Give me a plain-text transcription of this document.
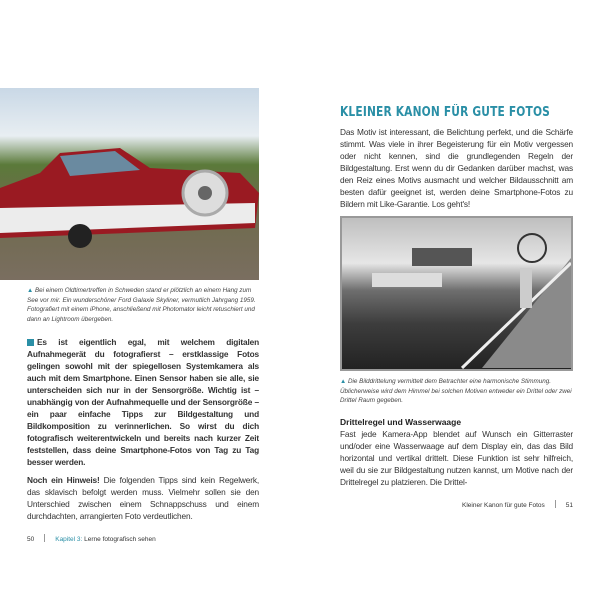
▲ Bei einem Oldtimertreffen in Schweden stand er plötzlich an einem Hang zum See vor mir. Ein wunderschöner Ford Galaxie Skyliner, vermutlich Jahrgang 1959. Fotografiert mit einem iPhone, anschließend mit Photomator leicht retuschiert und dann an Lightroom übergeben.
Es ist eigentlich egal, mit welchem digitalen Aufnahmegerät du fotografierst – erstklassige Fotos gelingen sowohl mit der spiegellosen Systemkamera als auch mit dem Smartphone. Einen Sensor haben sie alle, sie unterscheiden sich nur in der Sensorgröße. Wichtig ist – unabhängig von der Aufnahmequelle und der Sensorgröße – ein paar einfache Tipps zur Bildgestaltung und Bildkomposition zu verinnerlichen. So wirst du dich fotografisch weiterentwickeln und bereits nach kurzer Zeit feststellen, dass deine Smartphone-Fotos von Tag zu Tag besser werden.
Noch ein Hinweis! Die folgenden Tipps sind kein Regelwerk, das sklavisch befolgt werden muss. Vielmehr sollen sie den Unterschied zwischen einem Schnappschuss und einem durchdachten, arrangierten Foto verdeutlichen.
50	Kapitel 3: Lerne fotografisch sehen
KLEINER KANON FÜR GUTE FOTOS
Das Motiv ist interessant, die Belichtung perfekt, und die Schärfe stimmt. Was viele in ihrer Begeisterung für ein Motiv vergessen oder nicht kennen, sind die grundlegenden Regeln der Bildgestaltung. Erst wenn du dir Gedanken darüber machst, was den Reiz eines Motivs ausmacht und welcher Bildausschnitt am besten dafür geeignet ist, werden deine Smartphone-Fotos zu Bildern mit Like-Garantie. Los geht's!
▲ Die Bilddrittelung vermittelt dem Betrachter eine harmonische Stimmung. Üblicherweise wird dem Himmel bei solchen Motiven entweder ein Drittel oder zwei Drittel Raum gegeben.
Drittelregel und Wasserwaage
Fast jede Kamera-App blendet auf Wunsch ein Gitterraster und/oder eine Wasserwaage auf dem Display ein, das das Bild horizontal und vertikal drittelt. Diese Funktion ist sehr hilfreich, weil du sie zur Bildgestaltung nutzen kannst, um Motive nach der Drittelregel zu platzieren. Die Drittel-
Kleiner Kanon für gute Fotos	51
